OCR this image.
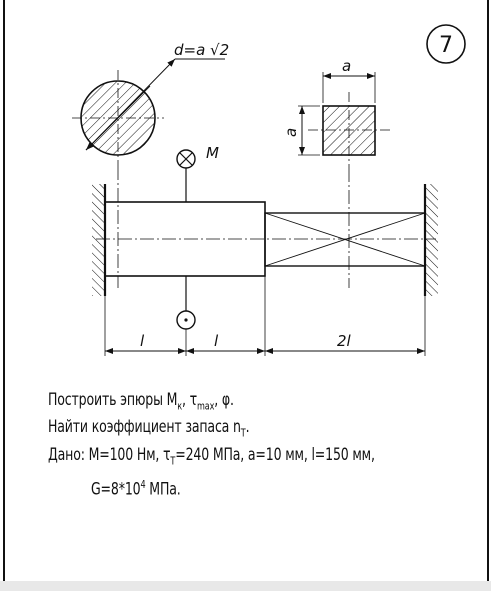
7
d=a √2
a
a
M
l	l	2l
Построить эпюры $M_к$, $\tau_{max}$, φ.
Найти коэффициент запаса $n_T$.
Дано: M=100 Нм, $\tau_T=240$ МПа, a=10 мм, l=150 мм,
$G=8*10^4$ МПа.
